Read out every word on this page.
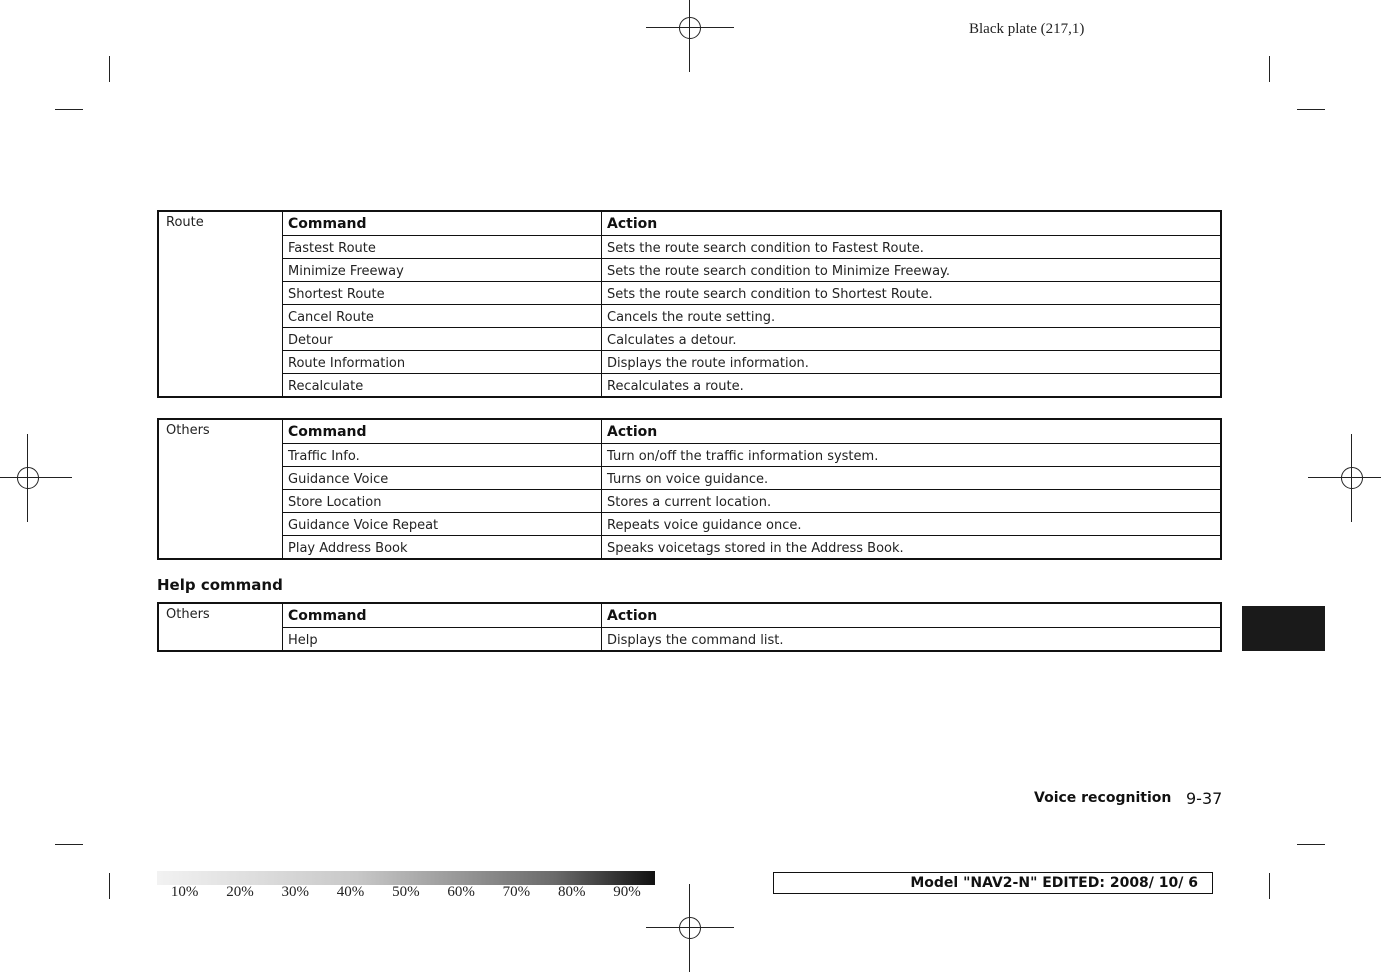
Black plate (217,1)
Route	Command	Action
Fastest Route	Sets the route search condition to Fastest Route.
Minimize Freeway	Sets the route search condition to Minimize Freeway.
Shortest Route	Sets the route search condition to Shortest Route.
Cancel Route	Cancels the route setting.
Detour	Calculates a detour.
Route Information	Displays the route information.
Recalculate	Recalculates a route.
Others	Command	Action
Traffic Info.	Turn on/off the traffic information system.
Guidance Voice	Turns on voice guidance.
Store Location	Stores a current location.
Guidance Voice Repeat	Repeats voice guidance once.
Play Address Book	Speaks voicetags stored in the Address Book.
Help command
Others	Command	Action
Help	Displays the command list.
Voice recognition 9-37
10%	20%	30%	40%	50%	60%	70%	80%	90%
Model "NAV2-N" EDITED: 2008/ 10/ 6
